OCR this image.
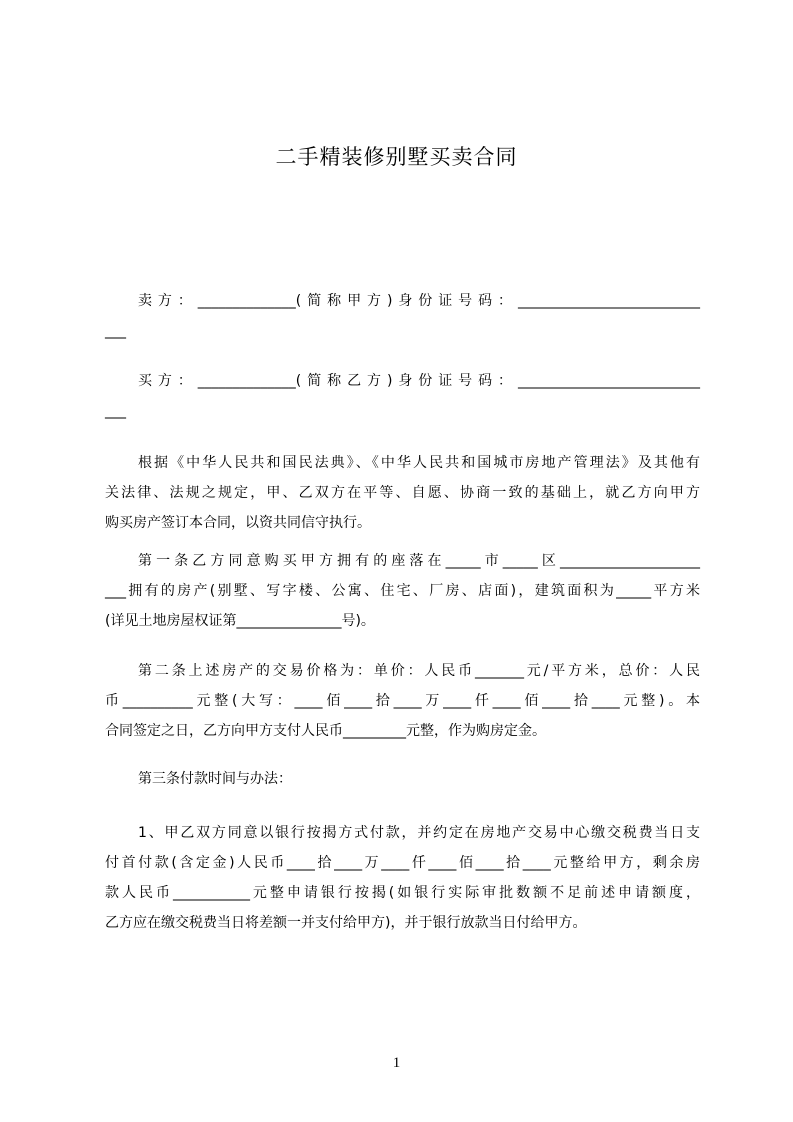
二手精装修别墅买卖合同
卖方：______________(简称甲方)身份证号码：__________________________
___
买方：______________(简称乙方)身份证号码：__________________________
___
根据《中华人民共和国民法典》、《中华人民共和国城市房地产管理法》及其他有
关法律、法规之规定，甲、乙双方在平等、自愿、协商一致的基础上，就乙方向甲方
购买房产签订本合同，以资共同信守执行。
第一条乙方同意购买甲方拥有的座落在_____市_____区____________________
___拥有的房产(别墅、写字楼、公寓、住宅、厂房、店面)，建筑面积为_____平方米
(详见土地房屋权证第_______________号)。
第二条上述房产的交易价格为：单价：人民币_______元/平方米，总价：人民
币__________元整(大写：____佰____拾____万____仟____佰____拾____元整)。本
合同签定之日，乙方向甲方支付人民币_________元整，作为购房定金。
第三条付款时间与办法：
1、甲乙双方同意以银行按揭方式付款，并约定在房地产交易中心缴交税费当日支
付首付款(含定金)人民币____拾____万____仟____佰____拾____元整给甲方，剩余房
款人民币___________元整申请银行按揭(如银行实际审批数额不足前述申请额度，
乙方应在缴交税费当日将差额一并支付给甲方)，并于银行放款当日付给甲方。
1
